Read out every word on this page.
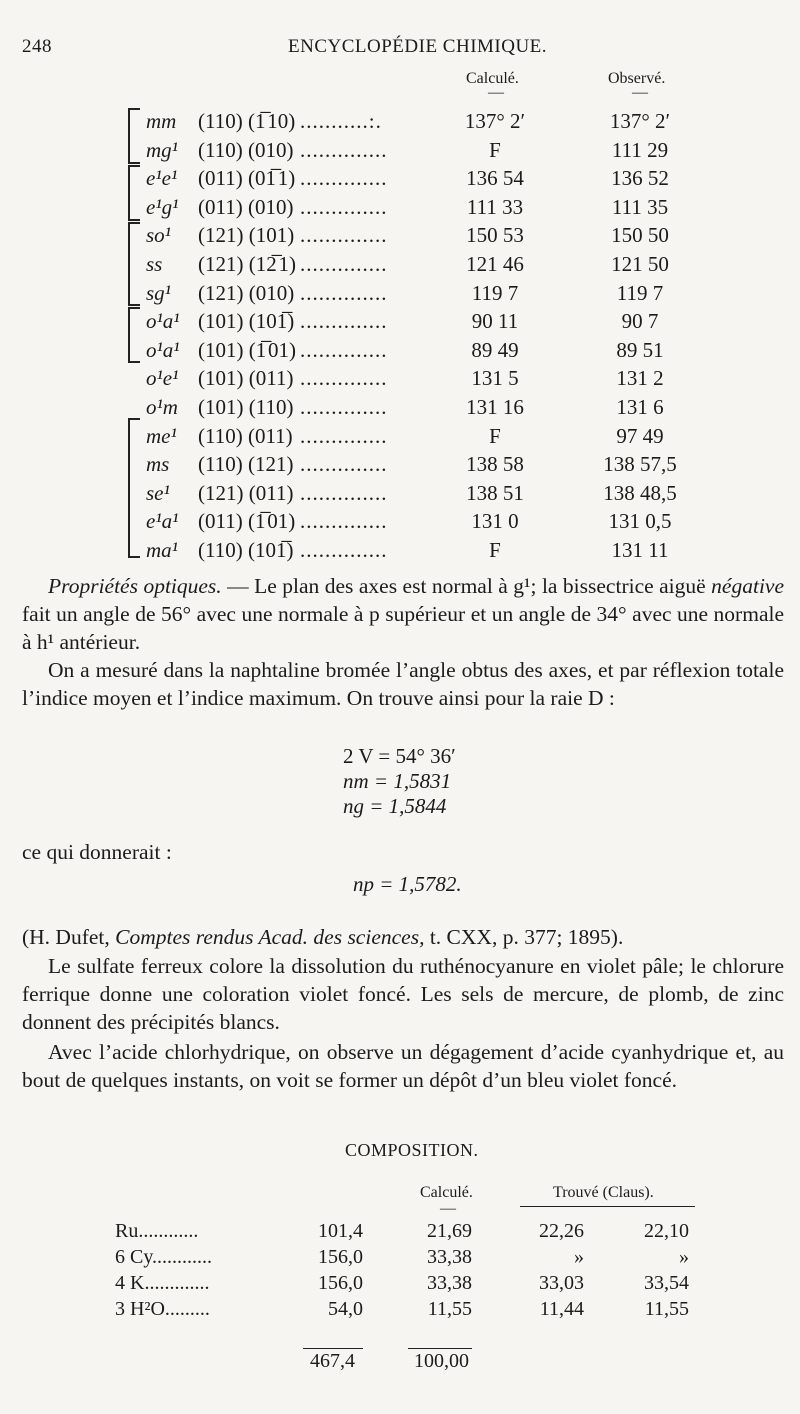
248	ENCYCLOPÉDIE CHIMIQUE.
Calculé.	Observé.
—	—
mm (110) (1̅ 10) ...........:.	137° 2′	137° 2′
mg¹ (110) (010) ..............	F	111 29
e¹e¹ (011) (01̅ 1) ..............	136 54	136 52
e¹g¹ (011) (010) ..............	111 33	111 35
so¹ (121) (101) ..............	150 53	150 50
ss (121) (12̅ 1) ..............	121 46	121 50
sg¹ (121) (010) ..............	119 7	119 7
o¹a¹ (101) (101̅) ..............	90 11	90 7
o¹a¹ (101) (1̅ 01) ..............	89 49	89 51
o¹e¹ (101) (011) ..............	131 5	131 2
o¹m (101) (110) ..............	131 16	131 6
me¹ (110) (011) ..............	F	97 49
ms (110) (121) ..............	138 58	138 57,5
se¹ (121) (011) ..............	138 51	138 48,5
e¹a¹ (011) (1̅ 01) ..............	131 0	131 0,5
ma¹ (110) (101̅) ..............	F	131 11
Propriétés optiques. — Le plan des axes est normal à g¹; la bissectrice aiguë négative fait un angle de 56° avec une normale à p supérieur et un angle de 34° avec une normale à h¹ antérieur.
On a mesuré dans la naphtaline bromée l’angle obtus des axes, et par réflexion totale l’indice moyen et l’indice maximum. On trouve ainsi pour la raie D :
2 V = 54° 36′
nm = 1,5831
ng = 1,5844
ce qui donnerait :
np = 1,5782.
(H. Dufet, Comptes rendus Acad. des sciences, t. CXX, p. 377; 1895).
Le sulfate ferreux colore la dissolution du ruthénocyanure en violet pâle; le chlorure ferrique donne une coloration violet foncé. Les sels de mercure, de plomb, de zinc donnent des précipités blancs.
Avec l’acide chlorhydrique, on observe un dégagement d’acide cyanhydrique et, au bout de quelques instants, on voit se former un dépôt d’un bleu violet foncé.
COMPOSITION.
Calculé.	Trouvé (Claus).
—
Ru............	101,4	21,69	22,26	22,10
6 Cy............	156,0	33,38	»	»
4 K.............	156,0	33,38	33,03	33,54
3 H²O.........	54,0	11,55	11,44	11,55
467,4	100,00
